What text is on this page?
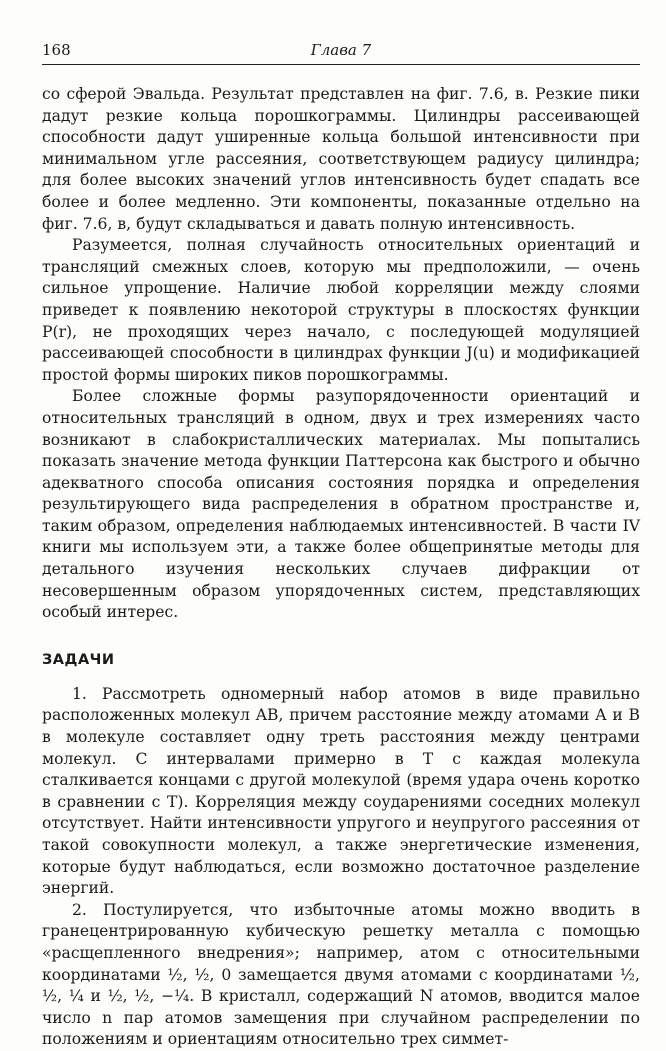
168	Глава 7

со сферой Эвальда. Результат представлен на фиг. 7.6, в. Резкие пики дадут резкие кольца порошкограммы. Цилиндры рассеивающей способности дадут уширенные кольца большой интенсивности при минимальном угле рассеяния, соответствующем радиусу цилиндра; для более высоких значений углов интенсивность будет спадать все более и более медленно. Эти компоненты, показанные отдельно на фиг. 7.6, в, будут складываться и давать полную интенсивность.

Разумеется, полная случайность относительных ориентаций и трансляций смежных слоев, которую мы предположили, — очень сильное упрощение. Наличие любой корреляции между слоями приведет к появлению некоторой структуры в плоскостях функции P(r), не проходящих через начало, с последующей модуляцией рассеивающей способности в цилиндрах функции J(u) и модификацией простой формы широких пиков порошкограммы.

Более сложные формы разупорядоченности ориентаций и относительных трансляций в одном, двух и трех измерениях часто возникают в слабокристаллических материалах. Мы попытались показать значение метода функции Паттерсона как быстрого и обычно адекватного способа описания состояния порядка и определения результирующего вида распределения в обратном пространстве и, таким образом, определения наблюдаемых интенсивностей. В части IV книги мы используем эти, а также более общепринятые методы для детального изучения нескольких случаев дифракции от несовершенным образом упорядоченных систем, представляющих особый интерес.

ЗАДАЧИ

1. Рассмотреть одномерный набор атомов в виде правильно расположенных молекул AB, причем расстояние между атомами A и B в молекуле составляет одну треть расстояния между центрами молекул. С интервалами примерно в T с каждая молекула сталкивается концами с другой молекулой (время удара очень коротко в сравнении с T). Корреляция между соударениями соседних молекул отсутствует. Найти интенсивности упругого и неупругого рассеяния от такой совокупности молекул, а также энергетические изменения, которые будут наблюдаться, если возможно достаточное разделение энергий.

2. Постулируется, что избыточные атомы можно вводить в гранецентрированную кубическую решетку металла с помощью «расщепленного внедрения»; например, атом с относительными координатами ½, ½, 0 замещается двумя атомами с координатами ½, ½, ¼ и ½, ½, −¼. В кристалл, содержащий N атомов, вводится малое число n пар атомов замещения при случайном распределении по положениям и ориентациям относительно трех симмет-
